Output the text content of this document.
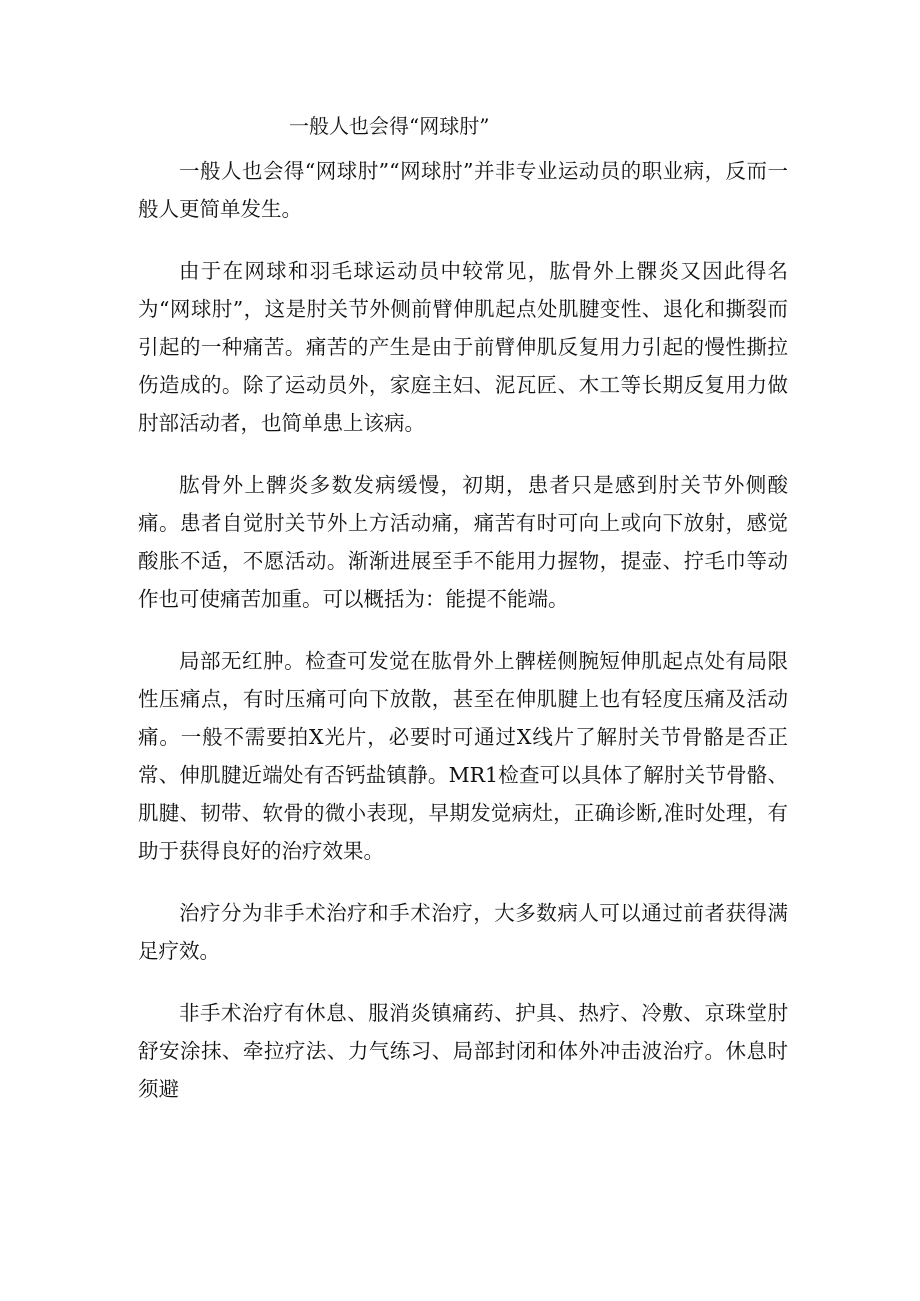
一般人也会得“网球肘”

一般人也会得“网球肘”“网球肘”并非专业运动员的职业病，反而一般人更简单发生。

由于在网球和羽毛球运动员中较常见，肱骨外上髁炎又因此得名为“网球肘”，这是肘关节外侧前臂伸肌起点处肌腱变性、退化和撕裂而引起的一种痛苦。痛苦的产生是由于前臂伸肌反复用力引起的慢性撕拉伤造成的。除了运动员外，家庭主妇、泥瓦匠、木工等长期反复用力做肘部活动者，也简单患上该病。

肱骨外上髀炎多数发病缓慢，初期，患者只是感到肘关节外侧酸痛。患者自觉肘关节外上方活动痛，痛苦有时可向上或向下放射，感觉酸胀不适，不愿活动。渐渐进展至手不能用力握物，提壶、拧毛巾等动作也可使痛苦加重。可以概括为：能提不能端。

局部无红肿。检查可发觉在肱骨外上髀槎侧腕短伸肌起点处有局限性压痛点，有时压痛可向下放散，甚至在伸肌腱上也有轻度压痛及活动痛。一般不需要拍X光片，必要时可通过X线片了解肘关节骨骼是否正常、伸肌腱近端处有否钙盐镇静。MR1检查可以具体了解肘关节骨骼、肌腱、韧带、软骨的微小表现，早期发觉病灶，正确诊断,准时处理，有助于获得良好的治疗效果。

治疗分为非手术治疗和手术治疗，大多数病人可以通过前者获得满足疗效。

非手术治疗有休息、服消炎镇痛药、护具、热疗、冷敷、京珠堂肘舒安涂抹、牵拉疗法、力气练习、局部封闭和体外冲击波治疗。休息时须避
